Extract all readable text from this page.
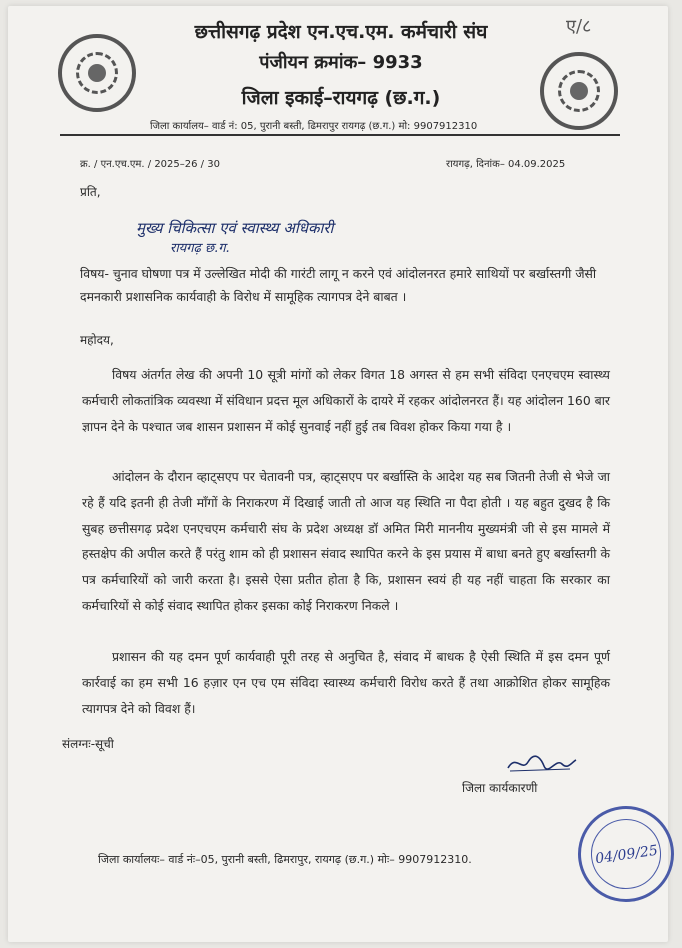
ए/८
छत्तीसगढ़ प्रदेश एन.एच.एम. कर्मचारी संघ
पंजीयन क्रमांक– 9933
जिला इकाई–रायगढ़ (छ.ग.)
जिला कार्यालय– वार्ड नं: 05, पुरानी बस्ती, ढिमरापुर रायगढ़ (छ.ग.) मो: 9907912310
क्र. / एन.एच.एम. / 2025–26 / 30	रायगढ़, दिनांक– 04.09.2025
प्रति,
मुख्य चिकित्सा एवं स्वास्थ्य अधिकारी
रायगढ़ छ.ग.

विषय- चुनाव घोषणा पत्र में उल्लेखित मोदी की गारंटी लागू न करने एवं आंदोलनरत हमारे साथियों पर बर्खास्तगी जैसी दमनकारी प्रशासनिक कार्यवाही के विरोध में सामूहिक त्यागपत्र देने बाबत ।

महोदय,

विषय अंतर्गत लेख की अपनी 10 सूत्री मांगों को लेकर विगत 18 अगस्त से हम सभी संविदा एनएचएम स्वास्थ्य कर्मचारी लोकतांत्रिक व्यवस्था में संविधान प्रदत्त मूल अधिकारों के दायरे में रहकर आंदोलनरत हैं। यह आंदोलन 160 बार ज्ञापन देने के पश्चात जब शासन प्रशासन में कोई सुनवाई नहीं हुई तब विवश होकर किया गया है ।

आंदोलन के दौरान व्हाट्सएप पर चेतावनी पत्र, व्हाट्सएप पर बर्खास्ति के आदेश यह सब जितनी तेजी से भेजे जा रहे हैं यदि इतनी ही तेजी माँगों के निराकरण में दिखाई जाती तो आज यह स्थिति ना पैदा होती । यह बहुत दुखद है कि सुबह छत्तीसगढ़ प्रदेश एनएचएम कर्मचारी संघ के प्रदेश अध्यक्ष डॉ अमित मिरी माननीय मुख्यमंत्री जी से इस मामले में हस्तक्षेप की अपील करते हैं परंतु शाम को ही प्रशासन संवाद स्थापित करने के इस प्रयास में बाधा बनते हुए बर्खास्तगी के पत्र कर्मचारियों को जारी करता है। इससे ऐसा प्रतीत होता है कि, प्रशासन स्वयं ही यह नहीं चाहता कि सरकार का कर्मचारियों से कोई संवाद स्थापित होकर इसका कोई निराकरण निकले ।

प्रशासन की यह दमन पूर्ण कार्यवाही पूरी तरह से अनुचित है, संवाद में बाधक है ऐसी स्थिति में इस दमन पूर्ण कार्रवाई का हम सभी 16 हज़ार एन एच एम संविदा स्वास्थ्य कर्मचारी विरोध करते हैं तथा आक्रोशित होकर सामूहिक त्यागपत्र देने को विवश हैं।

संलग्नः-सूची
जिला कार्यकारणी
04/09/25
जिला कार्यालयः– वार्ड नंः–05, पुरानी बस्ती, ढिमरापुर, रायगढ़ (छ.ग.) मोः– 9907912310.
